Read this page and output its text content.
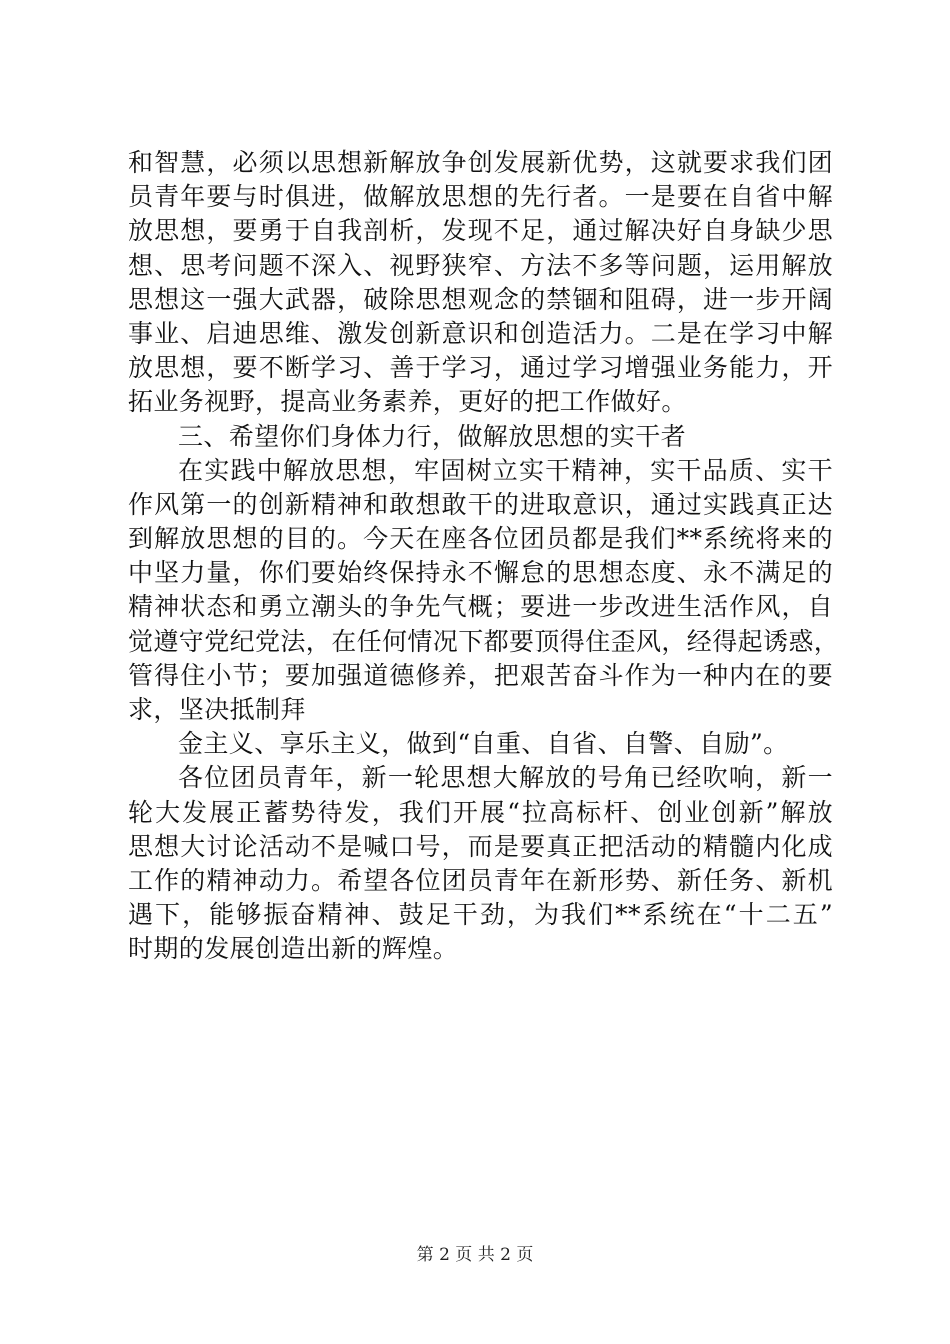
和智慧，必须以思想新解放争创发展新优势，这就要求我们团
员青年要与时俱进，做解放思想的先行者。一是要在自省中解
放思想，要勇于自我剖析，发现不足，通过解决好自身缺少思
想、思考问题不深入、视野狭窄、方法不多等问题，运用解放
思想这一强大武器，破除思想观念的禁锢和阻碍，进一步开阔
事业、启迪思维、激发创新意识和创造活力。二是在学习中解
放思想，要不断学习、善于学习，通过学习增强业务能力，开
拓业务视野，提高业务素养，更好的把工作做好。
三、希望你们身体力行，做解放思想的实干者
在实践中解放思想，牢固树立实干精神，实干品质、实干
作风第一的创新精神和敢想敢干的进取意识，通过实践真正达
到解放思想的目的。今天在座各位团员都是我们**系统将来的
中坚力量，你们要始终保持永不懈怠的思想态度、永不满足的
精神状态和勇立潮头的争先气概；要进一步改进生活作风，自
觉遵守党纪党法，在任何情况下都要顶得住歪风，经得起诱惑，
管得住小节；要加强道德修养，把艰苦奋斗作为一种内在的要
求，坚决抵制拜
金主义、享乐主义，做到“自重、自省、自警、自励”。
各位团员青年，新一轮思想大解放的号角已经吹响，新一
轮大发展正蓄势待发，我们开展“拉高标杆、创业创新”解放
思想大讨论活动不是喊口号，而是要真正把活动的精髓内化成
工作的精神动力。希望各位团员青年在新形势、新任务、新机
遇下，能够振奋精神、鼓足干劲，为我们**系统在“十二五”
时期的发展创造出新的辉煌。
第 2 页 共 2 页
